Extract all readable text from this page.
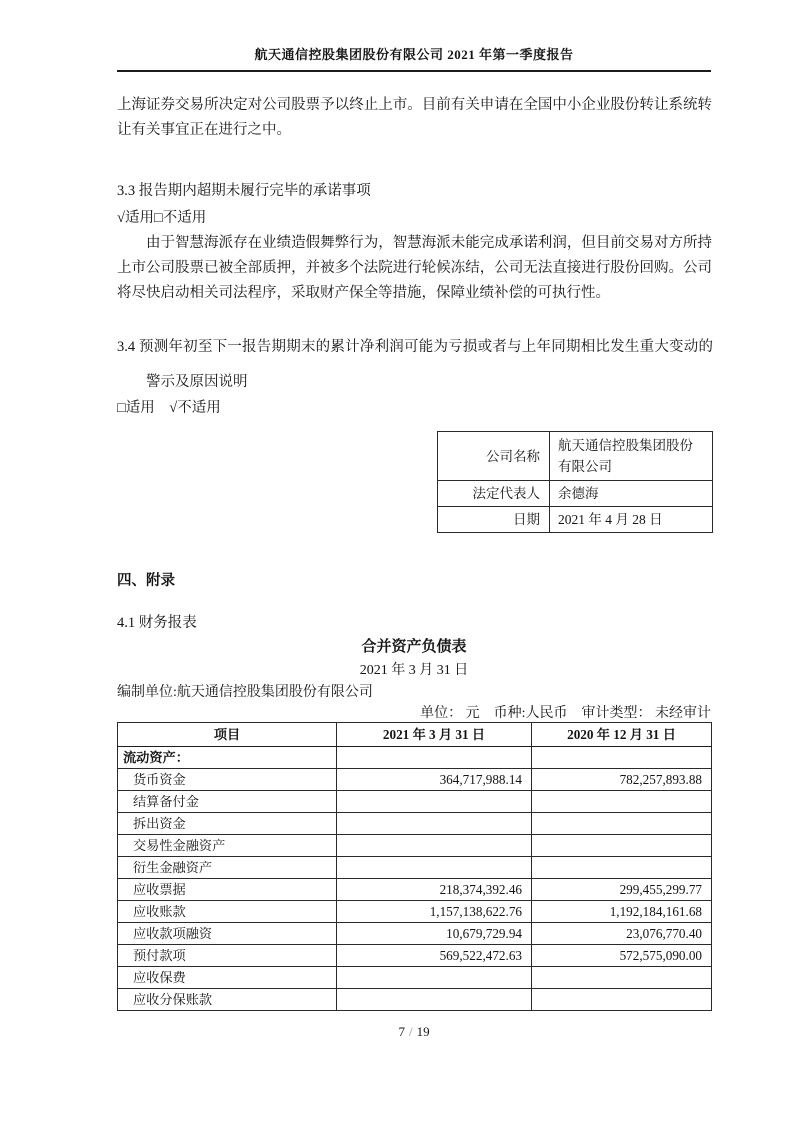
航天通信控股集团股份有限公司 2021 年第一季度报告
上海证券交易所决定对公司股票予以终止上市。目前有关申请在全国中小企业股份转让系统转让有关事宜正在进行之中。
3.3 报告期内超期未履行完毕的承诺事项
√适用□不适用
由于智慧海派存在业绩造假舞弊行为，智慧海派未能完成承诺利润，但目前交易对方所持上市公司股票已被全部质押，并被多个法院进行轮候冻结，公司无法直接进行股份回购。公司将尽快启动相关司法程序，采取财产保全等措施，保障业绩补偿的可执行性。
3.4 预测年初至下一报告期期末的累计净利润可能为亏损或者与上年同期相比发生重大变动的警示及原因说明
□适用　√不适用
公司名称	航天通信控股集团股份有限公司
法定代表人	余德海
日期	2021 年 4 月 28 日
四、附录
4.1 财务报表
合并资产负债表
2021 年 3 月 31 日
编制单位:航天通信控股集团股份有限公司
单位： 元　币种:人民币　审计类型： 未经审计
项目	2021 年 3 月 31 日	2020 年 12 月 31 日
流动资产：		
货币资金	364,717,988.14	782,257,893.88
结算备付金		
拆出资金		
交易性金融资产		
衍生金融资产		
应收票据	218,374,392.46	299,455,299.77
应收账款	1,157,138,622.76	1,192,184,161.68
应收款项融资	10,679,729.94	23,076,770.40
预付款项	569,522,472.63	572,575,090.00
应收保费		
应收分保账款		
7 / 19
